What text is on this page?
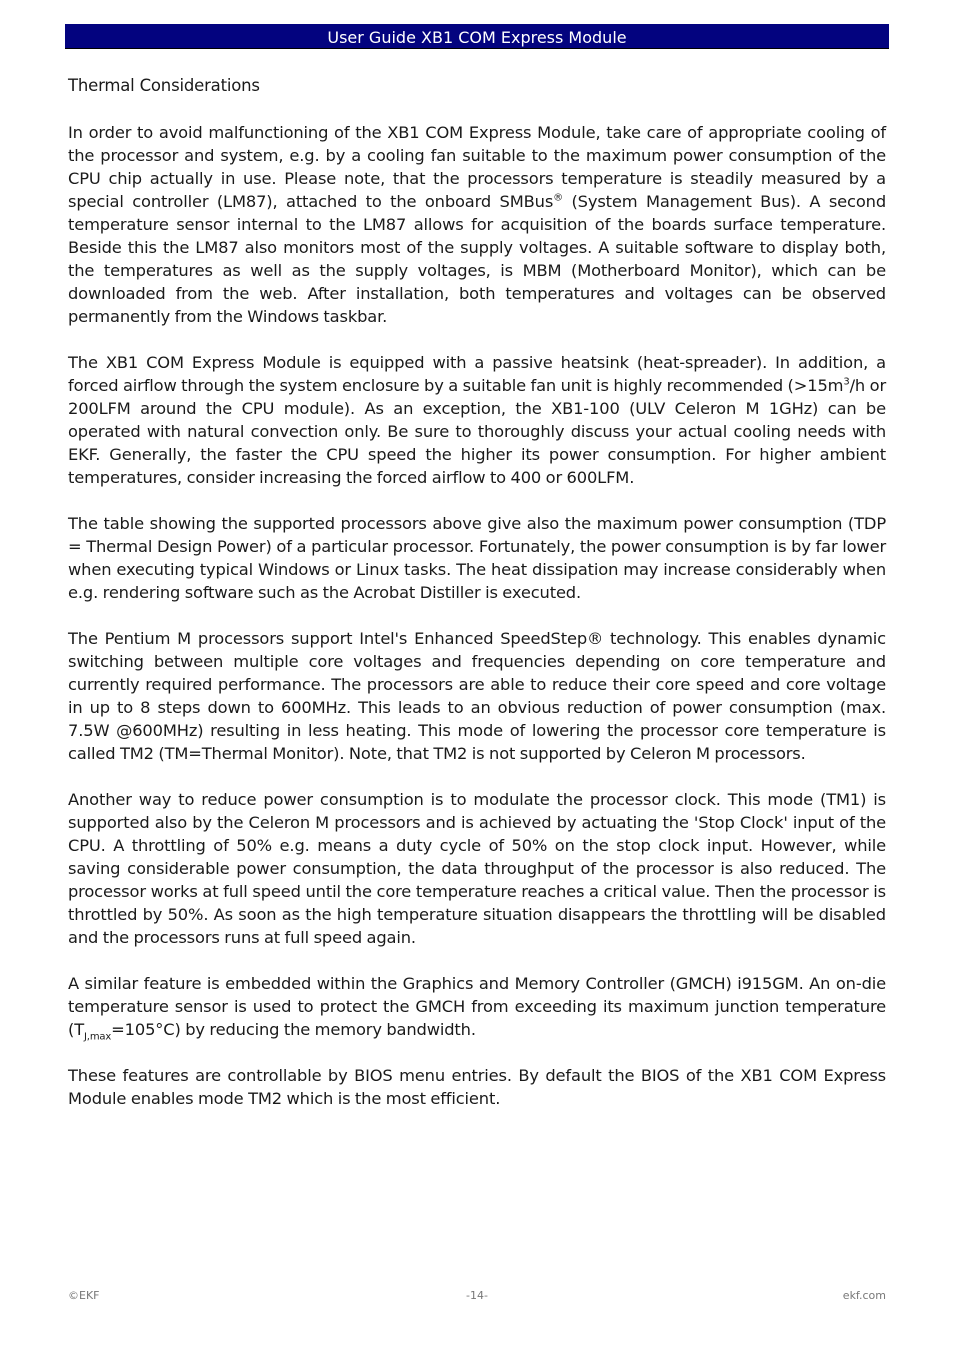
User Guide XB1 COM Express Module
Thermal Considerations

In order to avoid malfunctioning of the XB1 COM Express Module, take care of appropriate cooling of the processor and system, e.g. by a cooling fan suitable to the maximum power consumption of the CPU chip actually in use. Please note, that the processors temperature is steadily measured by a special controller (LM87), attached to the onboard SMBus® (System Management Bus). A second temperature sensor internal to the LM87 allows for acquisition of the boards surface temperature. Beside this the LM87 also monitors most of the supply voltages. A suitable software to display both, the temperatures as well as the supply voltages, is MBM (Motherboard Monitor), which can be downloaded from the web. After installation, both temperatures and voltages can be observed permanently from the Windows taskbar.

The XB1 COM Express Module is equipped with a passive heatsink (heat-spreader). In addition, a forced airflow through the system enclosure by a suitable fan unit is highly recommended ($>15m^3/h$ or 200LFM around the CPU module). As an exception, the XB1-100 (ULV Celeron M 1GHz) can be operated with natural convection only. Be sure to thoroughly discuss your actual cooling needs with EKF. Generally, the faster the CPU speed the higher its power consumption. For higher ambient temperatures, consider increasing the forced airflow to 400 or 600LFM.

The table showing the supported processors above give also the maximum power consumption (TDP = Thermal Design Power) of a particular processor. Fortunately, the power consumption is by far lower when executing typical Windows or Linux tasks. The heat dissipation may increase considerably when e.g. rendering software such as the Acrobat Distiller is executed.

The Pentium M processors support Intel's Enhanced SpeedStep® technology. This enables dynamic switching between multiple core voltages and frequencies depending on core temperature and currently required performance. The processors are able to reduce their core speed and core voltage in up to 8 steps down to 600MHz. This leads to an obvious reduction of power consumption (max. 7.5W @600MHz) resulting in less heating. This mode of lowering the processor core temperature is called TM2 (TM=Thermal Monitor). Note, that TM2 is not supported by Celeron M processors.

Another way to reduce power consumption is to modulate the processor clock. This mode (TM1) is supported also by the Celeron M processors and is achieved by actuating the 'Stop Clock' input of the CPU. A throttling of 50% e.g. means a duty cycle of 50% on the stop clock input. However, while saving considerable power consumption, the data throughput of the processor is also reduced. The processor works at full speed until the core temperature reaches a critical value. Then the processor is throttled by 50%. As soon as the high temperature situation disappears the throttling will be disabled and the processors runs at full speed again.

A similar feature is embedded within the Graphics and Memory Controller (GMCH) i915GM. An on-die temperature sensor is used to protect the GMCH from exceeding its maximum junction temperature $(T_{J,max}=105^\circ C)$ by reducing the memory bandwidth.

These features are controllable by BIOS menu entries. By default the BIOS of the XB1 COM Express Module enables mode TM2 which is the most efficient.

©EKF	-14-	ekf.com
